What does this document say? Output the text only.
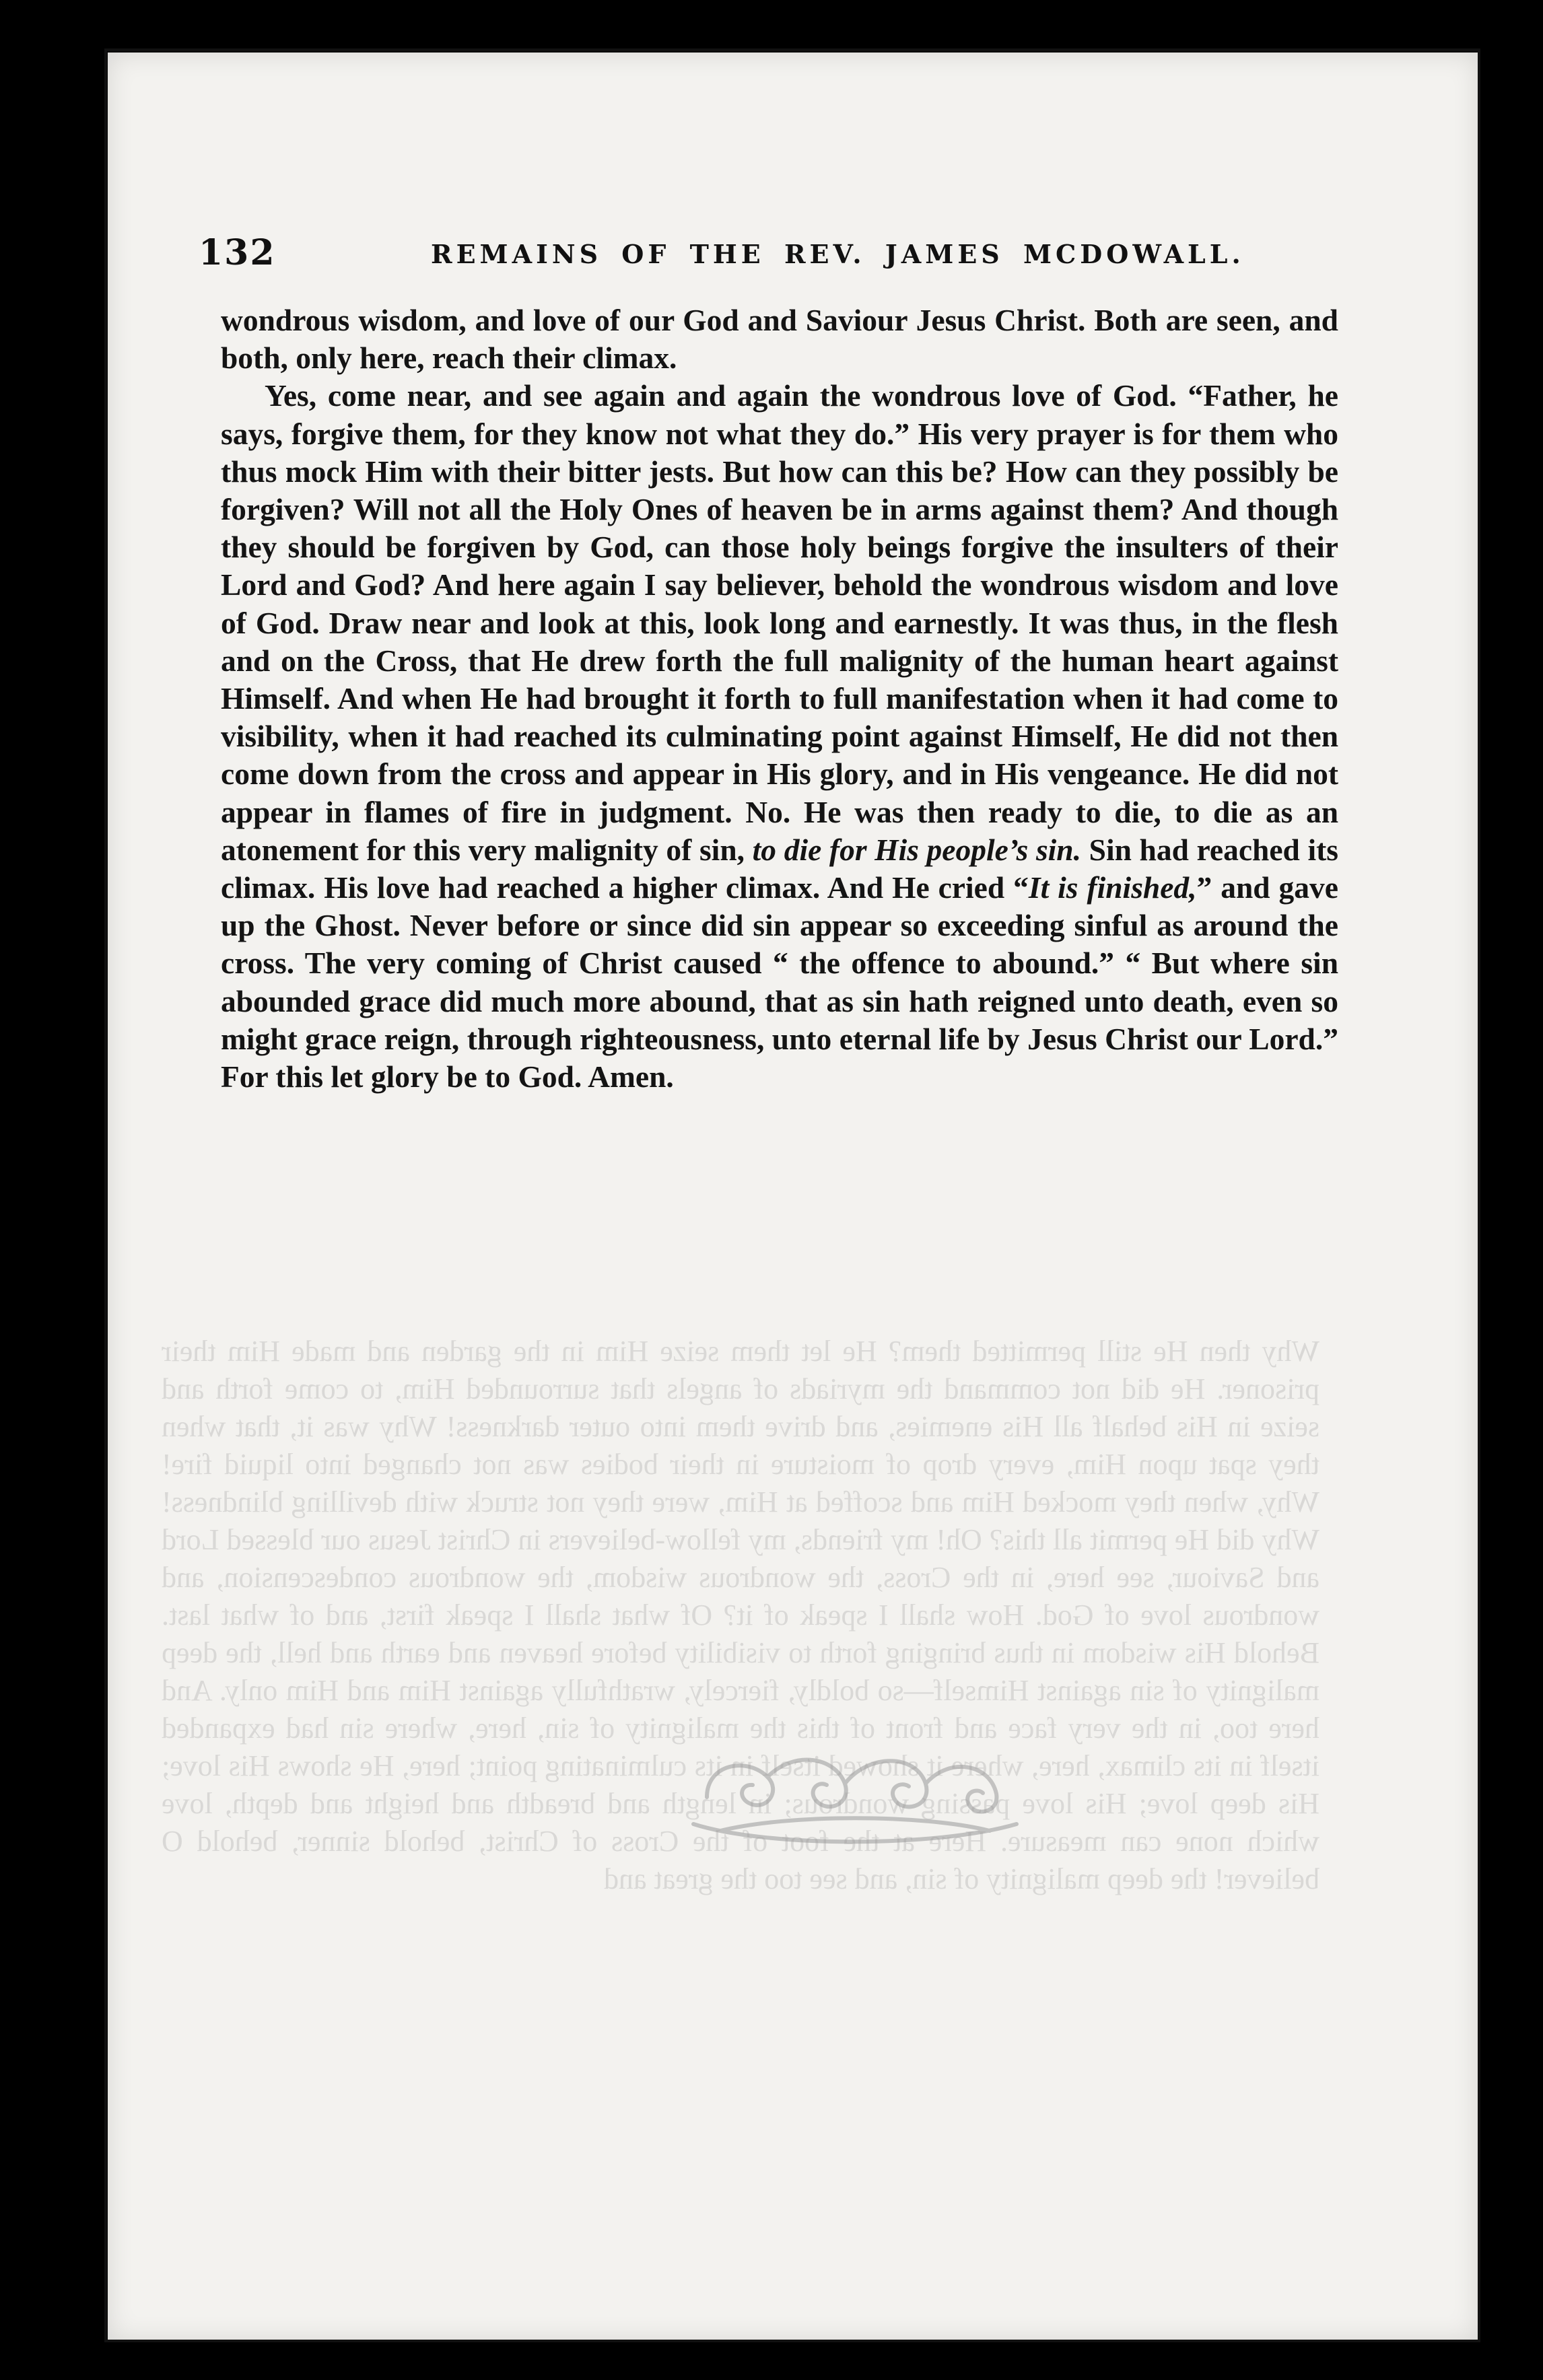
Why then He still permitted them? He let them seize Him in the garden and made Him their prisoner. He did not command the myriads of angels that surrounded Him, to come forth and seize in His behalf all His enemies, and drive them into outer darkness! Why was it, that when they spat upon Him, every drop of moisture in their bodies was not changed into liquid fire! Why, when they mocked Him and scoffed at Him, were they not struck with devilling blindness! Why did He permit all this? Oh! my friends, my fellow-believers in Christ Jesus our blessed Lord and Saviour, see here, in the Cross, the wondrous wisdom, the wondrous condescension, and wondrous love of God. How shall I speak of it? Of what shall I speak first, and of what last. Behold His wisdom in thus bringing forth to visibility before heaven and earth and hell, the deep malignity of sin against Himself—so boldly, fiercely, wrathfully against Him and Him only. And here too, in the very face and front of this the malignity of sin, here, where sin had expanded itself in its climax, here, where it showed itself in its culminating point; here, He shows His love; His deep love; His love passing wondrous; in length and breadth and height and depth, love which none can measure. Here at the foot of the Cross of Christ, behold sinner, behold O believer! the deep malignity of sin, and see too the great and
132	REMAINS OF THE REV. JAMES MCDOWALL.

wondrous wisdom, and love of our God and Saviour Jesus Christ. Both are seen, and both, only here, reach their climax.

Yes, come near, and see again and again the wondrous love of God. “Father, he says, forgive them, for they know not what they do.” His very prayer is for them who thus mock Him with their bitter jests. But how can this be? How can they possibly be forgiven? Will not all the Holy Ones of heaven be in arms against them? And though they should be forgiven by God, can those holy beings forgive the insulters of their Lord and God? And here again I say believer, behold the wondrous wisdom and love of God. Draw near and look at this, look long and earnestly. It was thus, in the flesh and on the Cross, that He drew forth the full malignity of the human heart against Himself. And when He had brought it forth to full manifestation when it had come to visibility, when it had reached its culminating point against Himself, He did not then come down from the cross and appear in His glory, and in His vengeance. He did not appear in flames of fire in judgment. No. He was then ready to die, to die as an atonement for this very malignity of sin, to die for His people’s sin. Sin had reached its climax. His love had reached a higher climax. And He cried “It is finished,” and gave up the Ghost. Never before or since did sin appear so exceeding sinful as around the cross. The very coming of Christ caused “ the offence to abound.” “ But where sin abounded grace did much more abound, that as sin hath reigned unto death, even so might grace reign, through righteousness, unto eternal life by Jesus Christ our Lord.” For this let glory be to God. Amen.
